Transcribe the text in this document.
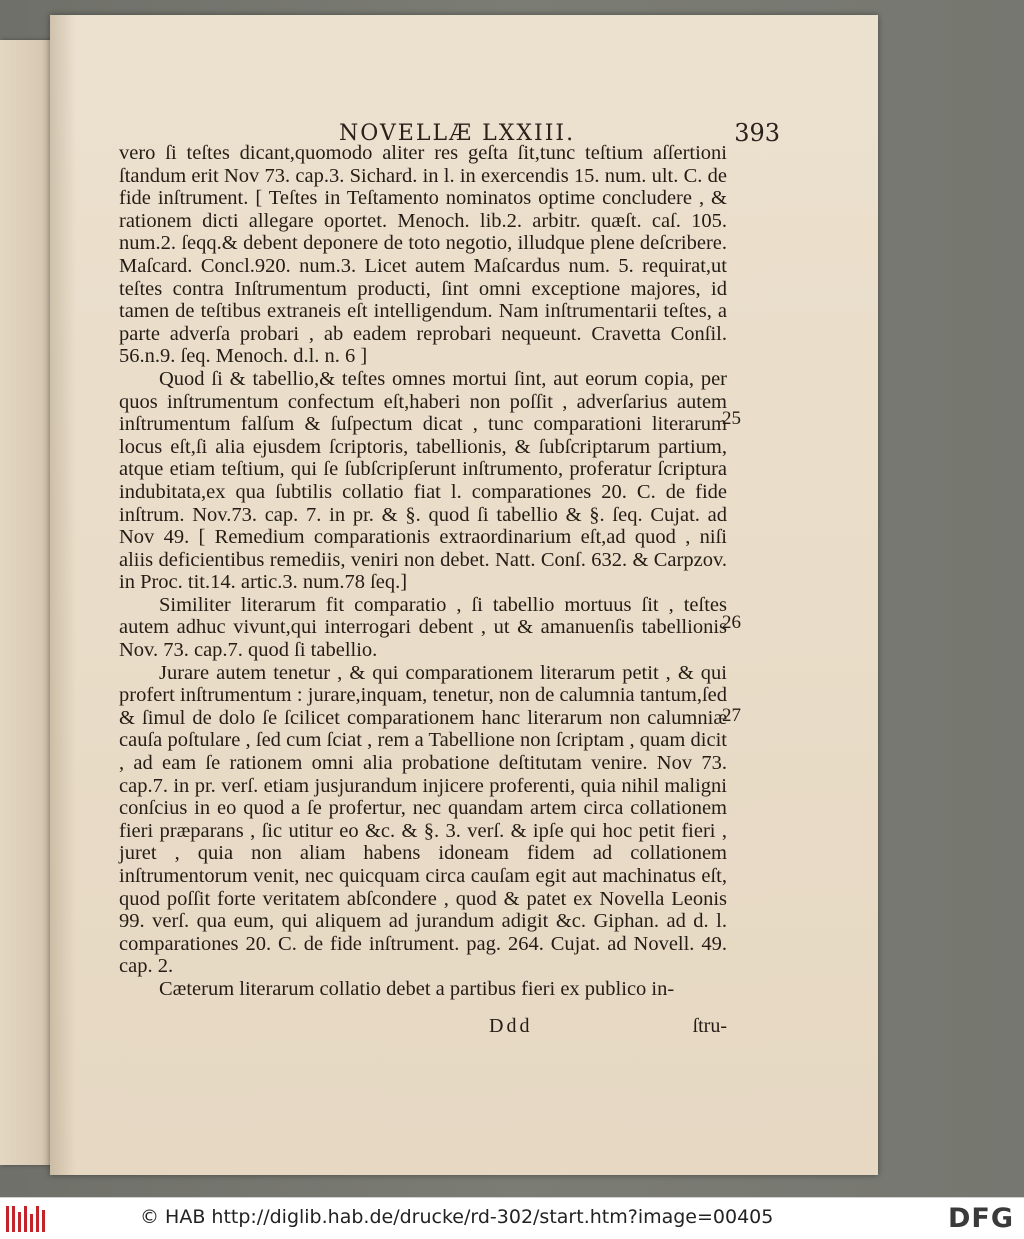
NOVELLÆ LXXIII.	393

vero ſi teſtes dicant,quomodo aliter res geſta ſit,tunc teſtium aſſertioni ſtandum erit Nov 73. cap.3. Sichard. in l. in exercendis 15. num. ult. C. de fide inſtrument. [ Teſtes in Teſtamento nominatos optime concludere , & rationem dicti allegare oportet. Menoch. lib.2. arbitr. quæſt. caſ. 105. num.2. ſeqq.& debent deponere de toto negotio, illudque plene deſcribere. Maſcard. Concl.920. num.3. Licet autem Maſcardus num. 5. requirat,ut teſtes contra Inſtrumentum producti, ſint omni exceptione majores, id tamen de teſtibus extraneis eſt intelligendum. Nam inſtrumentarii teſtes, a parte adverſa probari , ab eadem reprobari nequeunt. Cravetta Conſil. 56.n.9. ſeq. Menoch. d.l. n. 6 ]

Quod ſi & tabellio,& teſtes omnes mortui ſint, aut eorum copia, per quos inſtrumentum confectum eſt,haberi non poſſit , adverſarius autem inſtrumentum falſum & ſuſpectum dicat , tunc comparationi literarum locus eſt,ſi alia ejusdem ſcriptoris, tabellionis, & ſubſcriptarum partium, atque etiam teſtium, qui ſe ſubſcripſerunt inſtrumento, proferatur ſcriptura indubitata,ex qua ſubtilis collatio fiat l. comparationes 20. C. de fide inſtrum. Nov.73. cap. 7. in pr. & §. quod ſi tabellio & §. ſeq. Cujat. ad Nov 49. [ Remedium comparationis extraordinarium eſt,ad quod , niſi aliis deficientibus remediis, veniri non debet. Natt. Conſ. 632. & Carpzov. in Proc. tit.14. artic.3. num.78 ſeq.]

Similiter literarum fit comparatio , ſi tabellio mortuus ſit , teſtes autem adhuc vivunt,qui interrogari debent , ut & amanuenſis tabellionis Nov. 73. cap.7. quod ſi tabellio.

Jurare autem tenetur , & qui comparationem literarum petit , & qui profert inſtrumentum : jurare,inquam, tenetur, non de calumnia tantum,ſed & ſimul de dolo ſe ſcilicet comparationem hanc literarum non calumniæ cauſa poſtulare , ſed cum ſciat , rem a Tabellione non ſcriptam , quam dicit , ad eam ſe rationem omni alia probatione deſtitutam venire. Nov 73. cap.7. in pr. verſ. etiam jusjurandum injicere proferenti, quia nihil maligni conſcius in eo quod a ſe profertur, nec quandam artem circa collationem fieri præparans , ſic utitur eo &c. & §. 3. verſ. & ipſe qui hoc petit fieri , juret , quia non aliam habens idoneam fidem ad collationem inſtrumentorum venit, nec quicquam circa cauſam egit aut machinatus eſt, quod poſſit forte veritatem abſcondere , quod & patet ex Novella Leonis 99. verſ. qua eum, qui aliquem ad jurandum adigit &c. Giphan. ad d. l. comparationes 20. C. de fide inſtrument. pag. 264. Cujat. ad Novell. 49. cap. 2.

Cæterum literarum collatio debet a partibus fieri ex publico in-

25
26
27
Ddd	ſtru-
© HAB http://diglib.hab.de/drucke/rd-302/start.htm?image=00405	DFG
